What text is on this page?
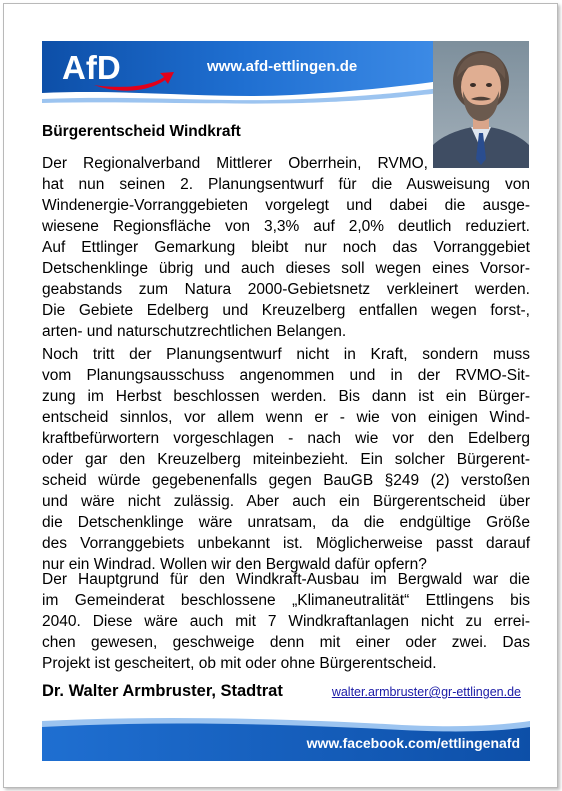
AfD	www.afd-ettlingen.de
Bürgerentscheid Windkraft
Der Regionalverband Mittlerer Oberrhein, RVMO,
hat nun seinen 2. Planungsentwurf für die Ausweisung von
Windenergie-Vorranggebieten vorgelegt und dabei die ausge-
wiesene Regionsfläche von 3,3% auf 2,0% deutlich reduziert.
Auf Ettlinger Gemarkung bleibt nur noch das Vorranggebiet
Detschenklinge übrig und auch dieses soll wegen eines Vorsor-
geabstands zum Natura 2000-Gebietsnetz verkleinert werden.
Die Gebiete Edelberg und Kreuzelberg entfallen wegen forst-,
arten- und naturschutzrechtlichen Belangen.
Noch tritt der Planungsentwurf nicht in Kraft, sondern muss
vom Planungsausschuss angenommen und in der RVMO-Sit-
zung im Herbst beschlossen werden. Bis dann ist ein Bürger-
entscheid sinnlos, vor allem wenn er - wie von einigen Wind-
kraftbefürwortern vorgeschlagen - nach wie vor den Edelberg
oder gar den Kreuzelberg miteinbezieht. Ein solcher Bürgerent-
scheid würde gegebenenfalls gegen BauGB §249 (2) verstoßen
und wäre nicht zulässig. Aber auch ein Bürgerentscheid über
die Detschenklinge wäre unratsam, da die endgültige Größe
des Vorranggebiets unbekannt ist. Möglicherweise passt darauf
nur ein Windrad. Wollen wir den Bergwald dafür opfern?
Der Hauptgrund für den Windkraft-Ausbau im Bergwald war die
im Gemeinderat beschlossene „Klimaneutralität“ Ettlingens bis
2040. Diese wäre auch mit 7 Windkraftanlagen nicht zu errei-
chen gewesen, geschweige denn mit einer oder zwei. Das
Projekt ist gescheitert, ob mit oder ohne Bürgerentscheid.
Dr. Walter Armbruster, Stadtrat	walter.armbruster@gr-ettlingen.de
www.facebook.com/ettlingenafd
